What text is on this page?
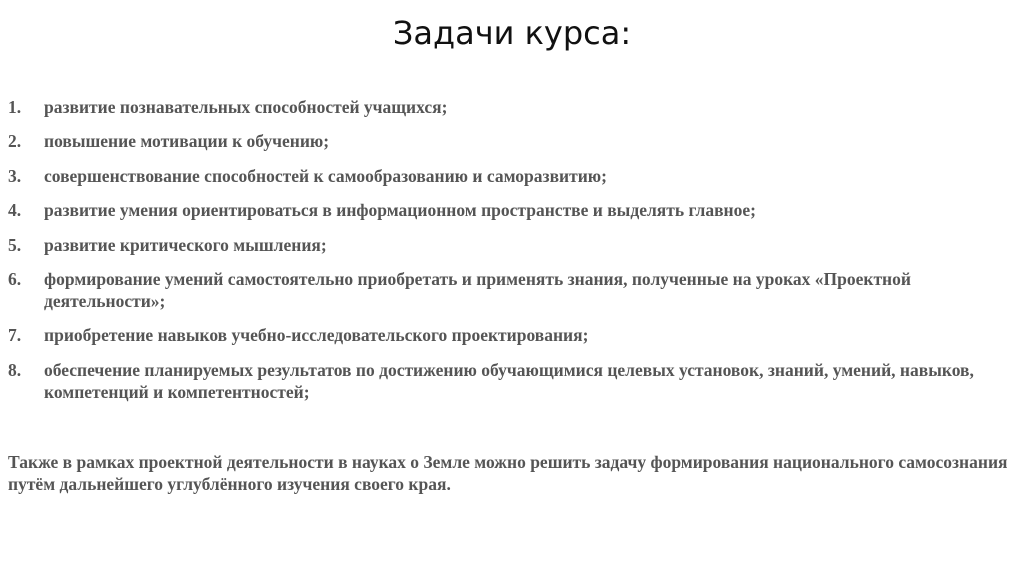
Задачи курса:
1.	развитие познавательных способностей учащихся;
2.	повышение мотивации к обучению;
3.	совершенствование способностей к самообразованию и саморазвитию;
4.	развитие умения ориентироваться в информационном пространстве и выделять главное;
5.	развитие критического мышления;
6.	формирование умений самостоятельно приобретать и применять знания, полученные на уроках «Проектной деятельности»;
7.	приобретение навыков учебно-исследовательского проектирования;
8.	обеспечение планируемых результатов по достижению обучающимися целевых установок, знаний, умений, навыков, компетенций и компетентностей;

Также в рамках проектной деятельности в науках о Земле можно решить задачу формирования национального самосознания путём дальнейшего углублённого изучения своего края.
